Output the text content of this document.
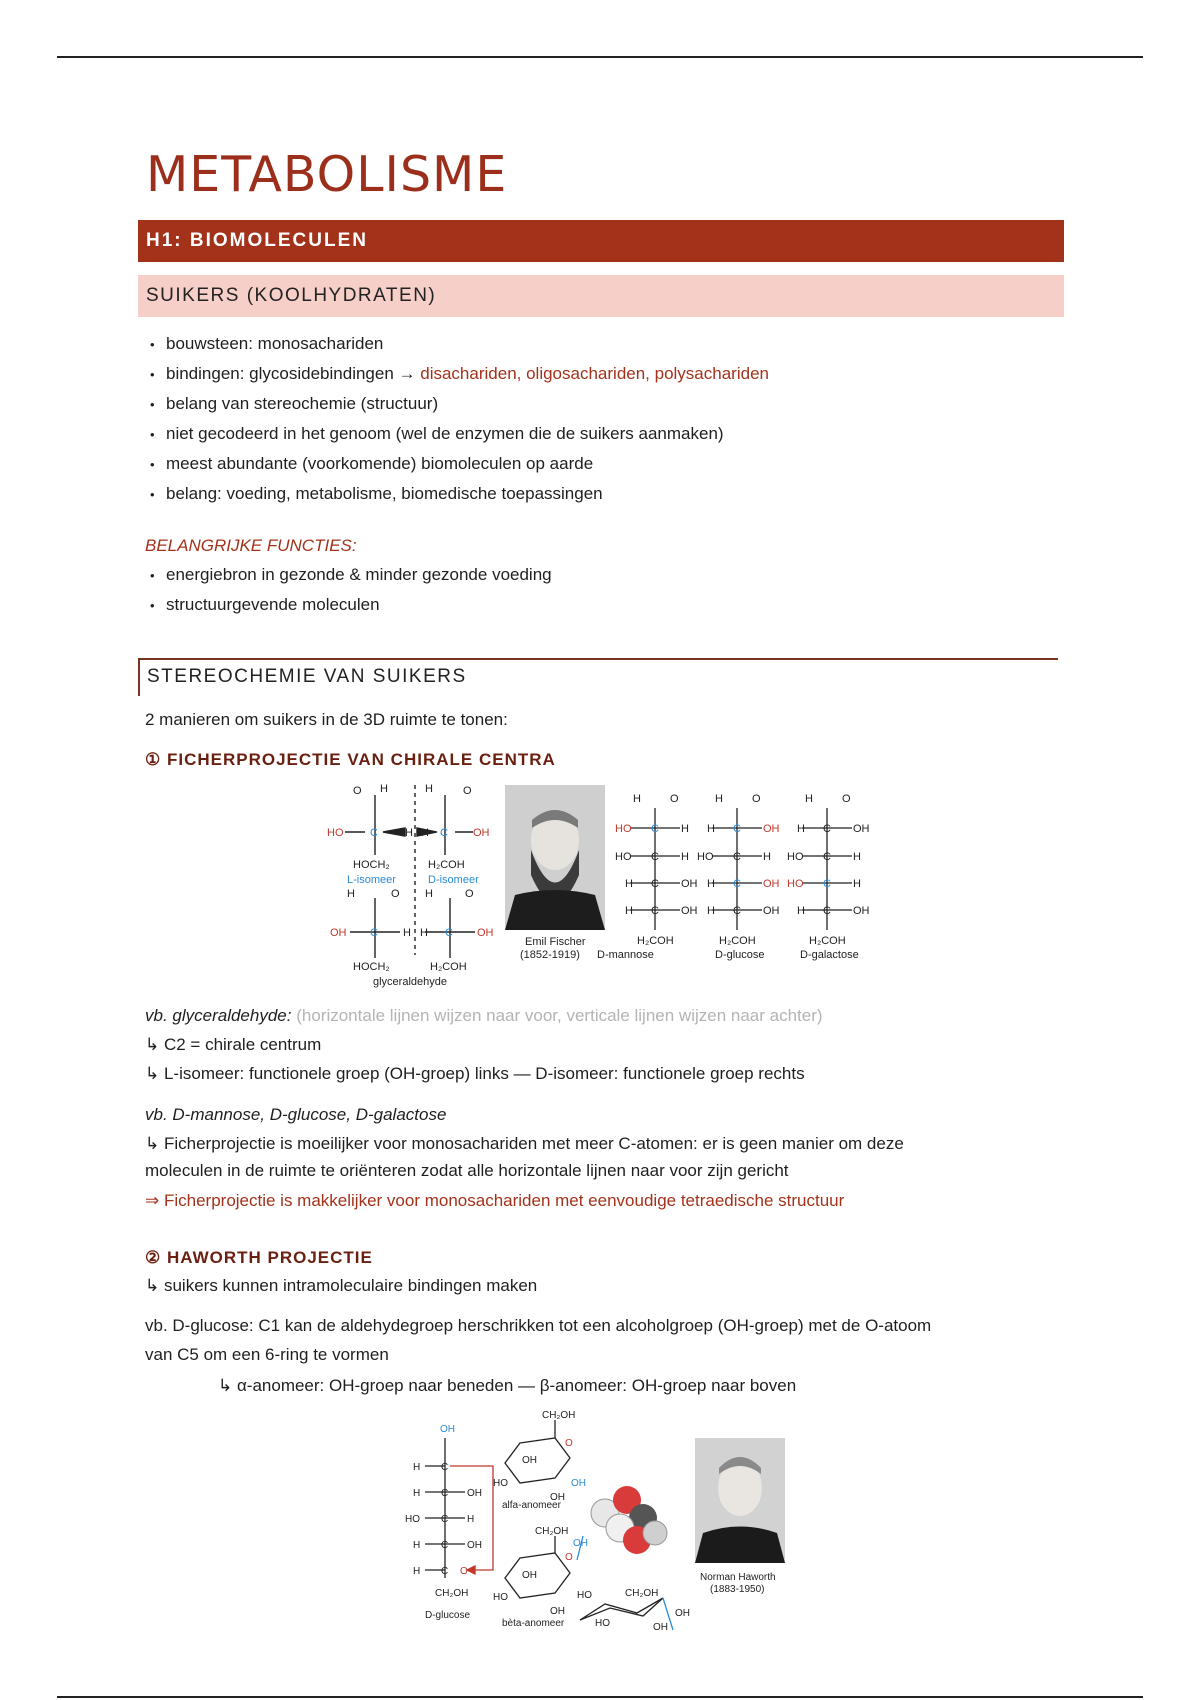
METABOLISME
H1: BIOMOLECULEN
SUIKERS (KOOLHYDRATEN)
• bouwsteen: monosachariden
• bindingen: glycosidebindingen → disachariden, oligosachariden, polysachariden
• belang van stereochemie (structuur)
• niet gecodeerd in het genoom (wel de enzymen die de suikers aanmaken)
• meest abundante (voorkomende) biomoleculen op aarde
• belang: voeding, metabolisme, biomedische toepassingen
BELANGRIJKE FUNCTIES:
• energiebron in gezonde & minder gezonde voeding
• structuurgevende moleculen
STEREOCHEMIE VAN SUIKERS
2 manieren om suikers in de 3D ruimte te tonen:
① FICHERPROJECTIE VAN CHIRALE CENTRA
O H	H	O
HO C H H C OH
HOCH₂	H₂COH
L-isomeer	D-isomeer
H	O H	O
OH C H H C OH
HOCH₂	H₂COH
glyceraldehyde
Emil Fischer
(1852-1919) D-mannose	D-glucose	D-galactose
H	O
HO C H
HO C H
H C OH
H C OH
H₂COH
H	O
H C OH
HO C H
H C OH
H C OH
H₂COH
H	O
H C OH
HO C H
HO C H
H C OH
H₂COH
vb. glyceraldehyde: (horizontale lijnen wijzen naar voor, verticale lijnen wijzen naar achter)
↳ C2 = chirale centrum
↳ L-isomeer: functionele groep (OH-groep) links — D-isomeer: functionele groep rechts
vb. D-mannose, D-glucose, D-galactose
↳ Ficherprojectie is moeilijker voor monosachariden met meer C-atomen: er is geen manier om deze
moleculen in de ruimte te oriënteren zodat alle horizontale lijnen naar voor zijn gericht
⇒ Ficherprojectie is makkelijker voor monosachariden met eenvoudige tetraedische structuur
② HAWORTH PROJECTIE
↳ suikers kunnen intramoleculaire bindingen maken
vb. D-glucose: C1 kan de aldehydegroep herschrikken tot een alcoholgroep (OH-groep) met de O-atoom
van C5 om een 6-ring te vormen
↳ α-anomeer: OH-groep naar beneden — β-anomeer: OH-groep naar boven
OH
H C
H C OH
HO C H
H C OH
H C O
CH₂OH
D-glucose
CH₂OH
O
OH
HO	OH
OH
alfa-anomeer
CH₂OH
O
OH
OH
HO
OH
bèta-anomeer
HO	CH₂OH
HO	OH
OH
Norman Haworth
(1883-1950)
